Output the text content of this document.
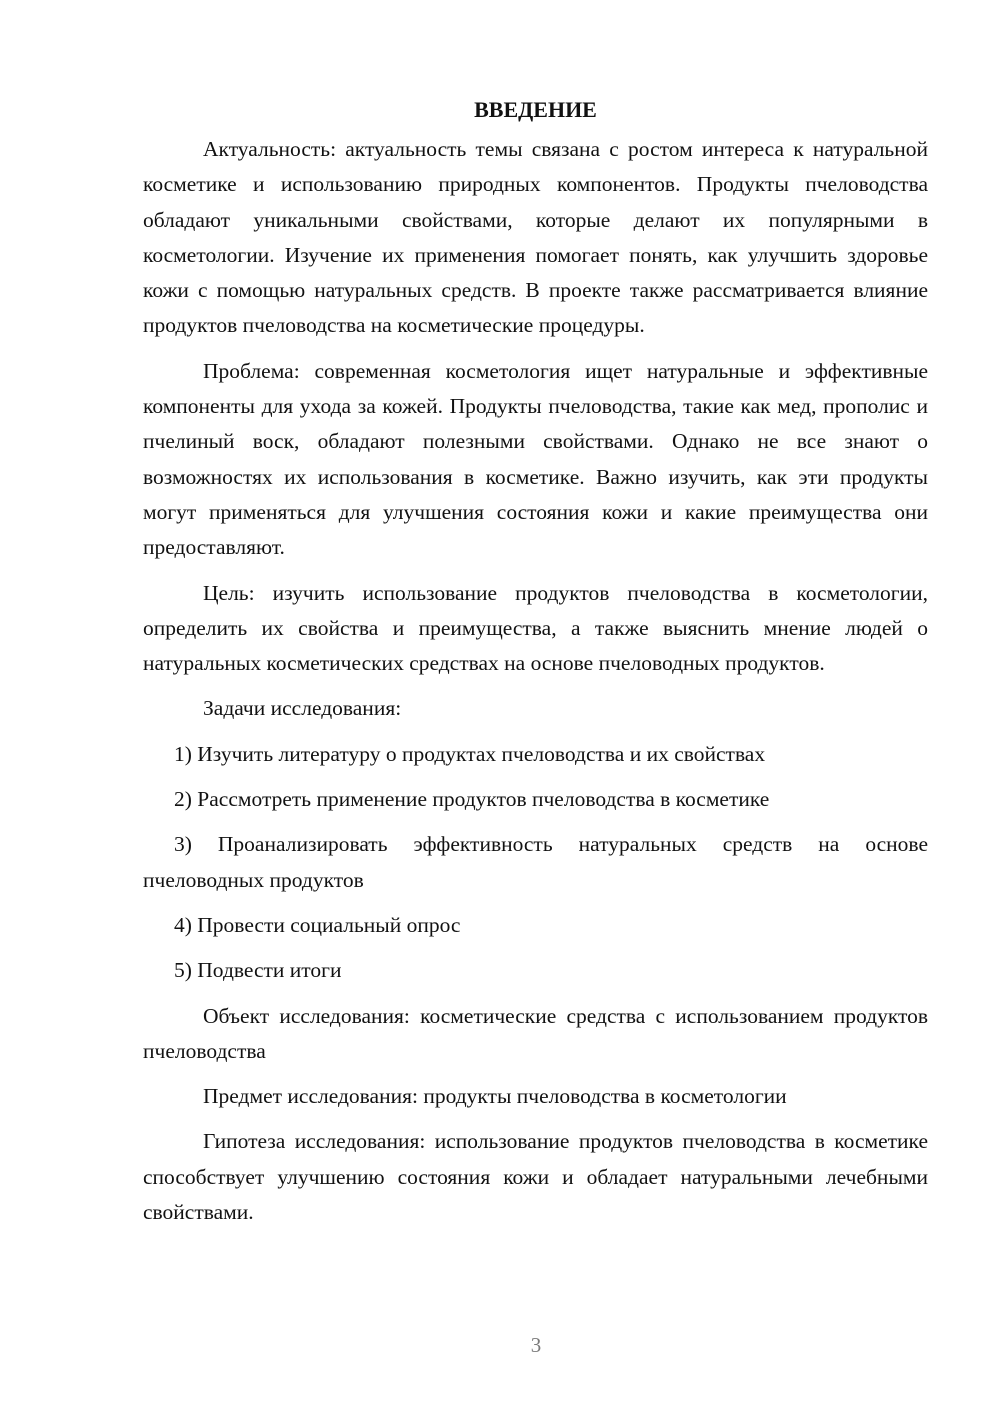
ВВЕДЕНИЕ

Актуальность: актуальность темы связана с ростом интереса к натуральной косметике и использованию природных компонентов. Продукты пчеловодства обладают уникальными свойствами, которые делают их популярными в косметологии. Изучение их применения помогает понять, как улучшить здоровье кожи с помощью натуральных средств. В проекте также рассматривается влияние продуктов пчеловодства на косметические процедуры.

Проблема: современная косметология ищет натуральные и эффективные компоненты для ухода за кожей. Продукты пчеловодства, такие как мед, прополис и пчелиный воск, обладают полезными свойствами. Однако не все знают о возможностях их использования в косметике. Важно изучить, как эти продукты могут применяться для улучшения состояния кожи и какие преимущества они предоставляют.

Цель: изучить использование продуктов пчеловодства в косметологии, определить их свойства и преимущества, а также выяснить мнение людей о натуральных косметических средствах на основе пчеловодных продуктов.

Задачи исследования:

1) Изучить литературу о продуктах пчеловодства и их свойствах

2) Рассмотреть применение продуктов пчеловодства в косметике

3) Проанализировать эффективность натуральных средств на основе пчеловодных продуктов

4) Провести социальный опрос

5) Подвести итоги

Объект исследования: косметические средства с использованием продуктов пчеловодства

Предмет исследования: продукты пчеловодства в косметологии

Гипотеза исследования: использование продуктов пчеловодства в косметике способствует улучшению состояния кожи и обладает натуральными лечебными свойствами.

3
